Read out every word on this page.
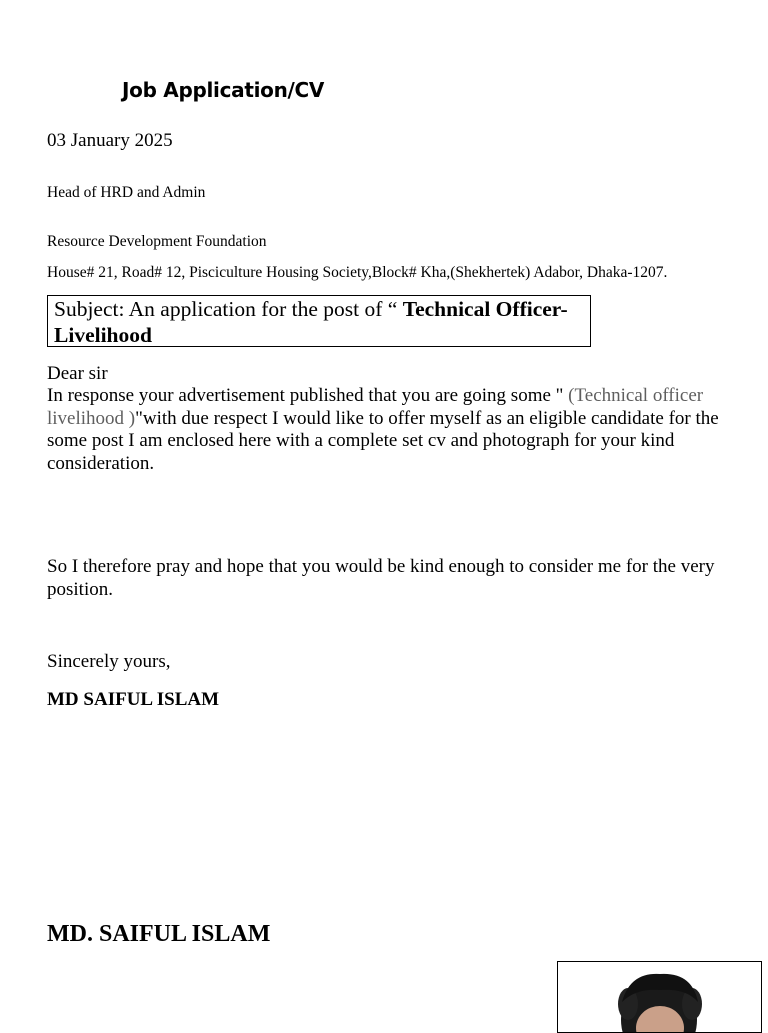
Job Application/CV
03 January 2025
Head of HRD and Admin
Resource Development Foundation
House# 21, Road# 12, Pisciculture Housing Society,Block# Kha,(Shekhertek) Adabor, Dhaka-1207.
Subject: An application for the post of “ Technical Officer-Livelihood
Dear sir
In response your advertisement published that you are going some " (Technical officer livelihood )"with due respect I would like to offer myself as an eligible candidate for the some post I am enclosed here with a complete set cv and photograph for your kind consideration.
So I therefore pray and hope that you would be kind enough to consider me for the very position.
Sincerely yours,
MD SAIFUL ISLAM
MD. SAIFUL ISLAM
